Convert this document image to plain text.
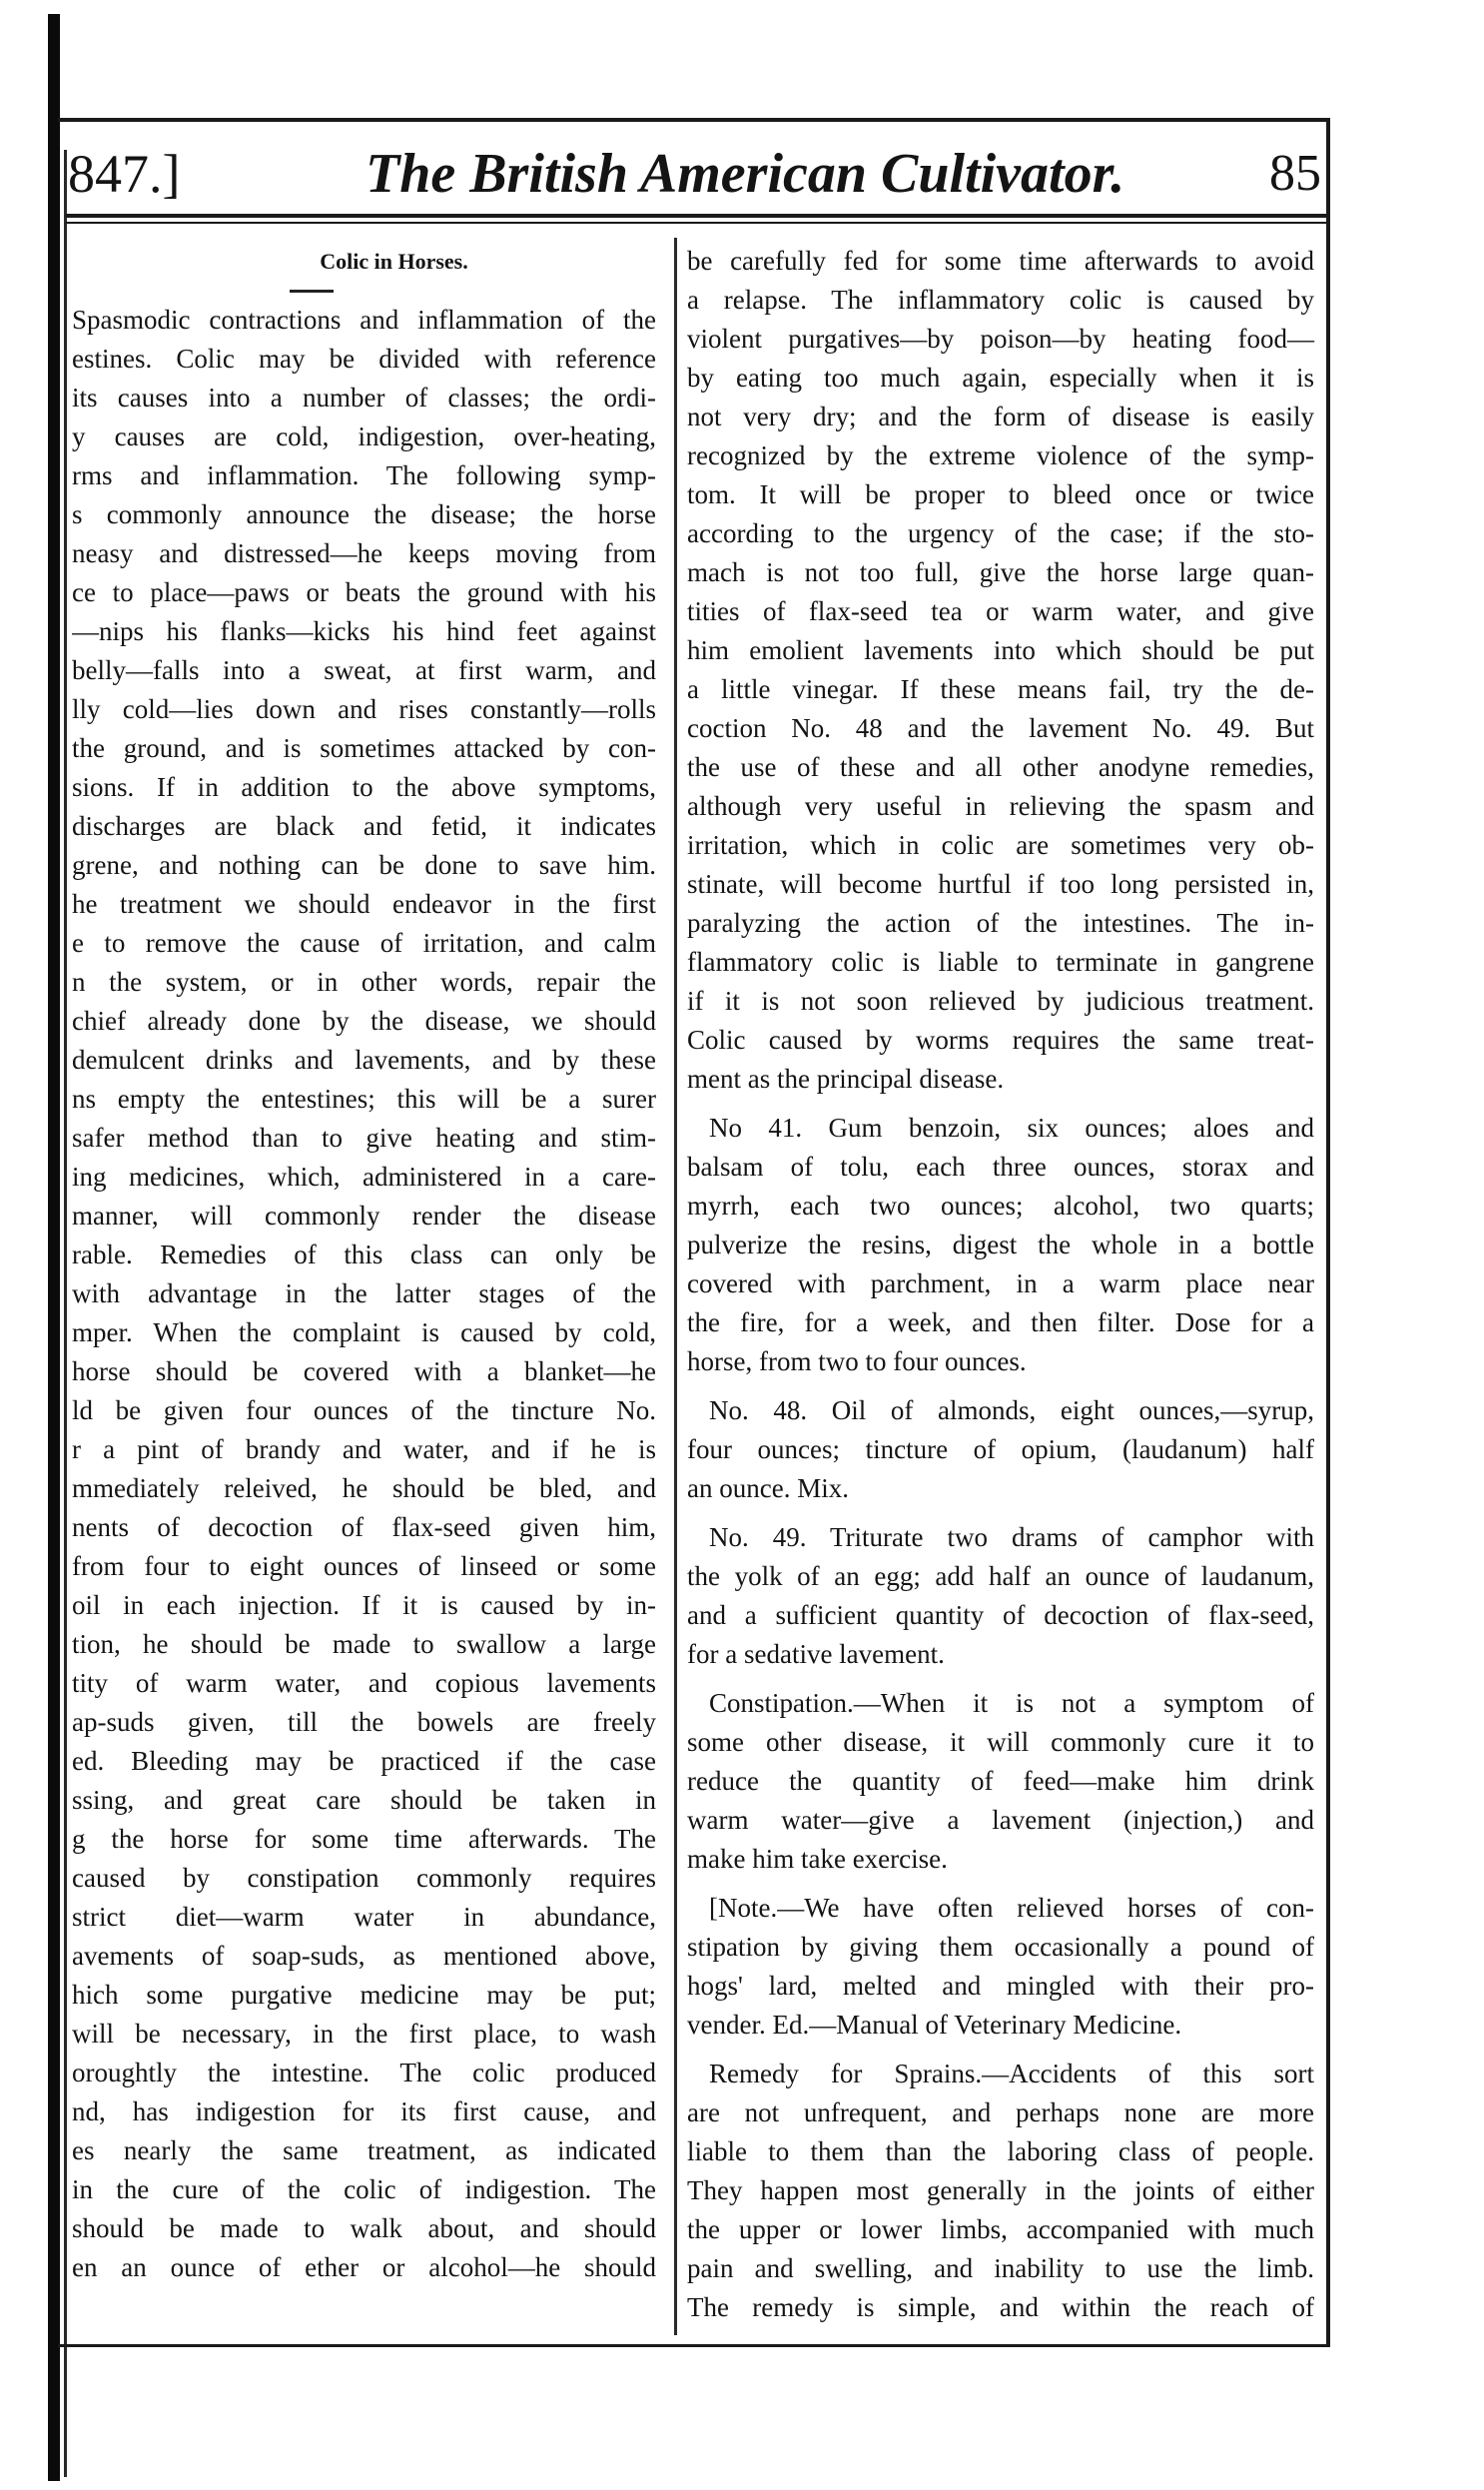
847.]	The British American Cultivator.	85
Colic in Horses.
Spasmodic contractions and inflammation of the
estines. Colic may be divided with reference
its causes into a number of classes; the ordi-
y causes are cold, indigestion, over-heating,
rms and inflammation. The following symp-
s commonly announce the disease; the horse
neasy and distressed—he keeps moving from
ce to place—paws or beats the ground with his
—nips his flanks—kicks his hind feet against
belly—falls into a sweat, at first warm, and
lly cold—lies down and rises constantly—rolls
the ground, and is sometimes attacked by con-
sions. If in addition to the above symptoms,
discharges are black and fetid, it indicates
grene, and nothing can be done to save him.
he treatment we should endeavor in the first
e to remove the cause of irritation, and calm
n the system, or in other words, repair the
chief already done by the disease, we should
demulcent drinks and lavements, and by these
ns empty the entestines; this will be a surer
safer method than to give heating and stim-
ing medicines, which, administered in a care-
manner, will commonly render the disease
rable. Remedies of this class can only be
with advantage in the latter stages of the
mper. When the complaint is caused by cold,
horse should be covered with a blanket—he
ld be given four ounces of the tincture No.
r a pint of brandy and water, and if he is
mmediately releived, he should be bled, and
nents of decoction of flax-seed given him,
from four to eight ounces of linseed or some
oil in each injection. If it is caused by in-
tion, he should be made to swallow a large
tity of warm water, and copious lavements
ap-suds given, till the bowels are freely
ed. Bleeding may be practiced if the case
ssing, and great care should be taken in
g the horse for some time afterwards. The
caused by constipation commonly requires
strict diet—warm water in abundance,
avements of soap-suds, as mentioned above,
hich some purgative medicine may be put;
will be necessary, in the first place, to wash
oroughtly the intestine. The colic produced
nd, has indigestion for its first cause, and
es nearly the same treatment, as indicated
in the cure of the colic of indigestion. The
should be made to walk about, and should
en an ounce of ether or alcohol—he should
be carefully fed for some time afterwards to avoid
a relapse. The inflammatory colic is caused by
violent purgatives—by poison—by heating food—
by eating too much again, especially when it is
not very dry; and the form of disease is easily
recognized by the extreme violence of the symp-
tom. It will be proper to bleed once or twice
according to the urgency of the case; if the sto-
mach is not too full, give the horse large quan-
tities of flax-seed tea or warm water, and give
him emolient lavements into which should be put
a little vinegar. If these means fail, try the de-
coction No. 48 and the lavement No. 49. But
the use of these and all other anodyne remedies,
although very useful in relieving the spasm and
irritation, which in colic are sometimes very ob-
stinate, will become hurtful if too long persisted in,
paralyzing the action of the intestines. The in-
flammatory colic is liable to terminate in gangrene
if it is not soon relieved by judicious treatment.
Colic caused by worms requires the same treat-
ment as the principal disease.
No 41. Gum benzoin, six ounces; aloes and
balsam of tolu, each three ounces, storax and
myrrh, each two ounces; alcohol, two quarts;
pulverize the resins, digest the whole in a bottle
covered with parchment, in a warm place near
the fire, for a week, and then filter. Dose for a
horse, from two to four ounces.
No. 48. Oil of almonds, eight ounces,—syrup,
four ounces; tincture of opium, (laudanum) half
an ounce. Mix.
No. 49. Triturate two drams of camphor with
the yolk of an egg; add half an ounce of laudanum,
and a sufficient quantity of decoction of flax-seed,
for a sedative lavement.
Constipation.—When it is not a symptom of
some other disease, it will commonly cure it to
reduce the quantity of feed—make him drink
warm water—give a lavement (injection,) and
make him take exercise.
[Note.—We have often relieved horses of con-
stipation by giving them occasionally a pound of
hogs' lard, melted and mingled with their pro-
vender. Ed.—Manual of Veterinary Medicine.
Remedy for Sprains.—Accidents of this sort
are not unfrequent, and perhaps none are more
liable to them than the laboring class of people.
They happen most generally in the joints of either
the upper or lower limbs, accompanied with much
pain and swelling, and inability to use the limb.
The remedy is simple, and within the reach of
